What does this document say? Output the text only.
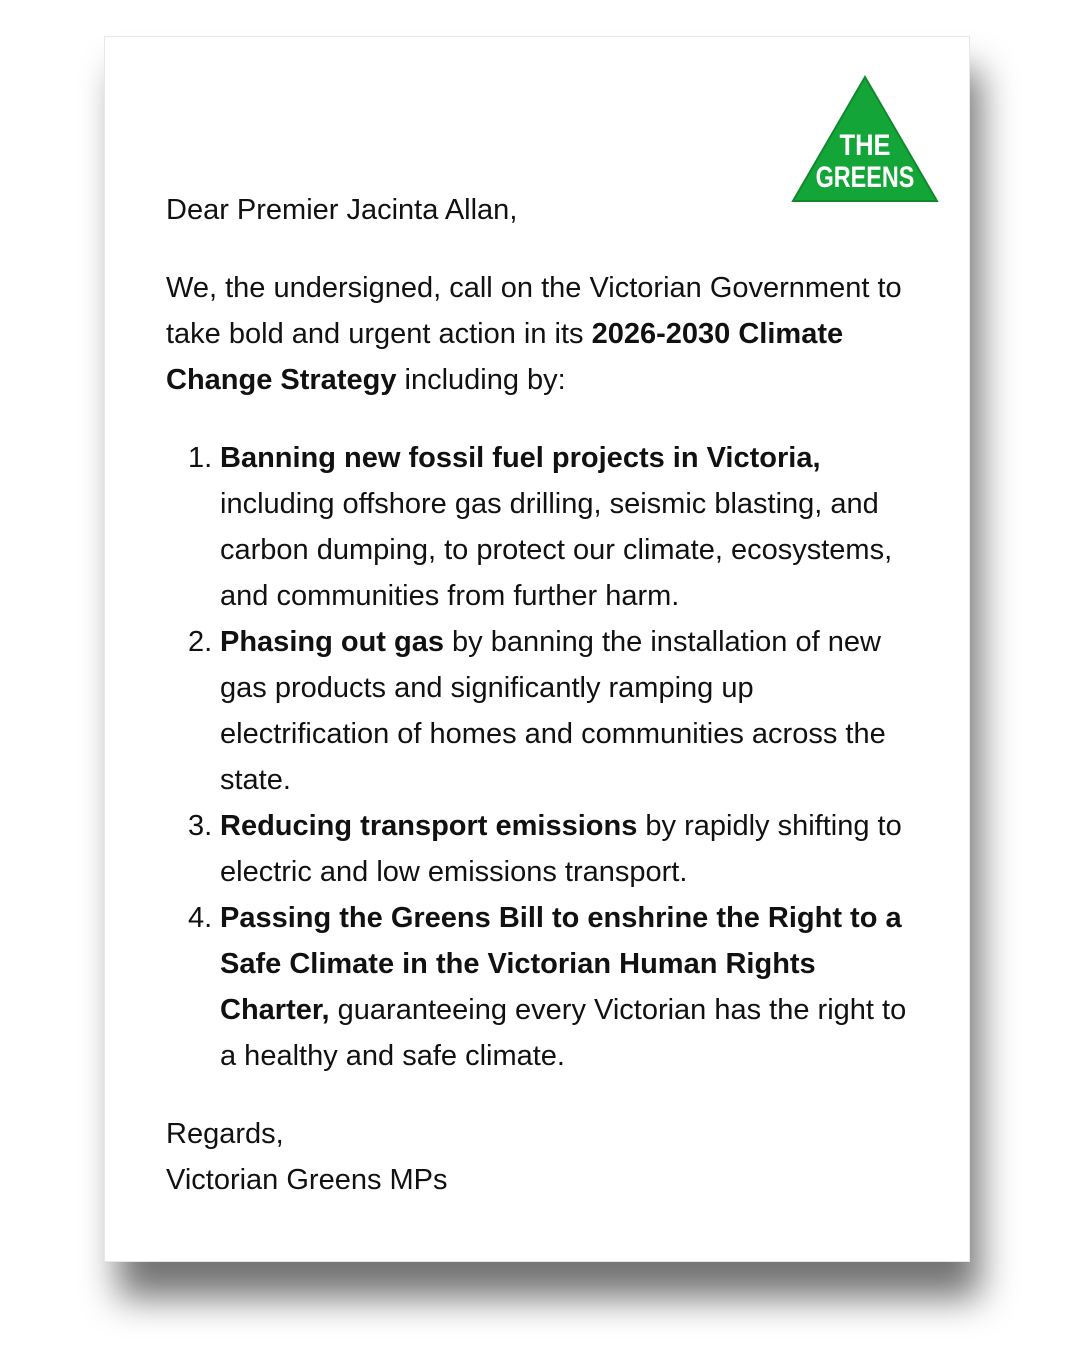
THE
GREENS

Dear Premier Jacinta Allan,

We, the undersigned, call on the Victorian Government to take bold and urgent action in its 2026-2030 Climate Change Strategy including by:

1. Banning new fossil fuel projects in Victoria, including offshore gas drilling, seismic blasting, and carbon dumping, to protect our climate, ecosystems, and communities from further harm.
2. Phasing out gas by banning the installation of new gas products and significantly ramping up electrification of homes and communities across the state.
3. Reducing transport emissions by rapidly shifting to electric and low emissions transport.
4. Passing the Greens Bill to enshrine the Right to a Safe Climate in the Victorian Human Rights Charter, guaranteeing every Victorian has the right to a healthy and safe climate.

Regards,

Victorian Greens MPs
